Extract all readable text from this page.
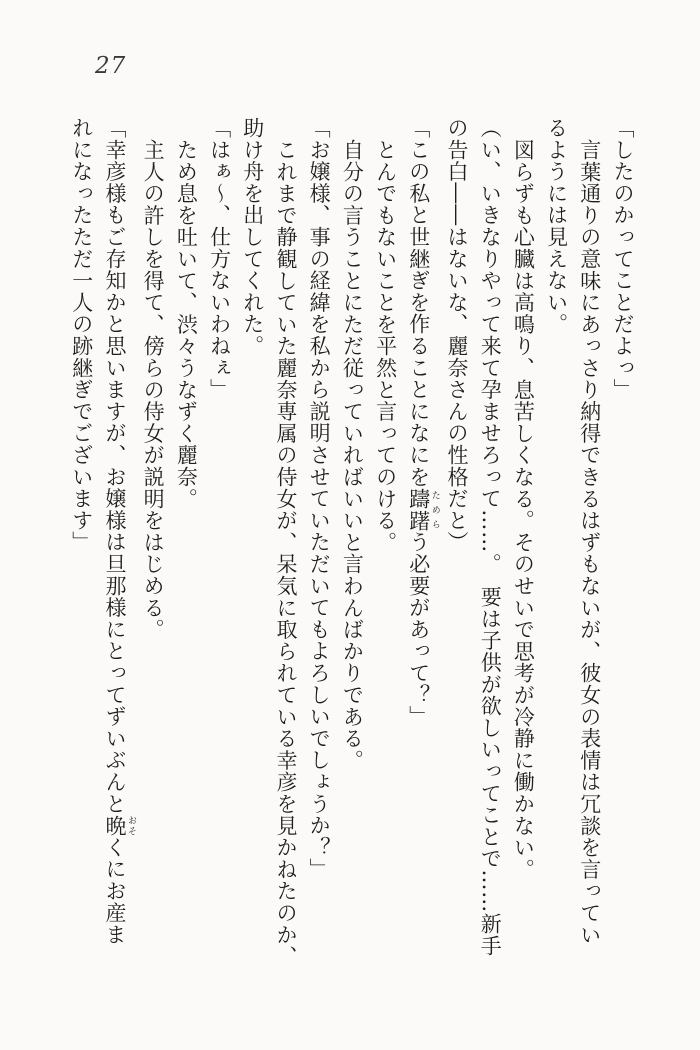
27

「したのかってことだよっ」

言葉通りの意味にあっさり納得できるはずもないが、彼女の表情は冗談を言ってい

るようには見えない。

図らずも心臓は高鳴り、息苦しくなる。そのせいで思考が冷静に働かない。

（い、いきなりやって来て孕ませろって……。　要は子供が欲しいってことで……新手

の告白――はないな、麗奈さんの性格だと）

「この私と世継ぎを作ることになにを躊躇 ためらう必要があって？」

とんでもないことを平然と言ってのける。

自分の言うことにただ従っていればいいと言わんばかりである。

「お嬢様、事の経緯を私から説明させていただいてもよろしいでしょうか？」

これまで静観していた麗奈専属の侍女が、呆気に取られている幸彦を見かねたのか、

助け舟を出してくれた。

「はぁ〜、仕方ないわねぇ」

ため息を吐いて、渋々うなずく麗奈。

主人の許しを得て、傍らの侍女が説明をはじめる。

「幸彦様もご存知かと思いますが、お嬢様は旦那様にとってずいぶんと晩 おそくにお産ま

れになったただ一人の跡継ぎでございます」
